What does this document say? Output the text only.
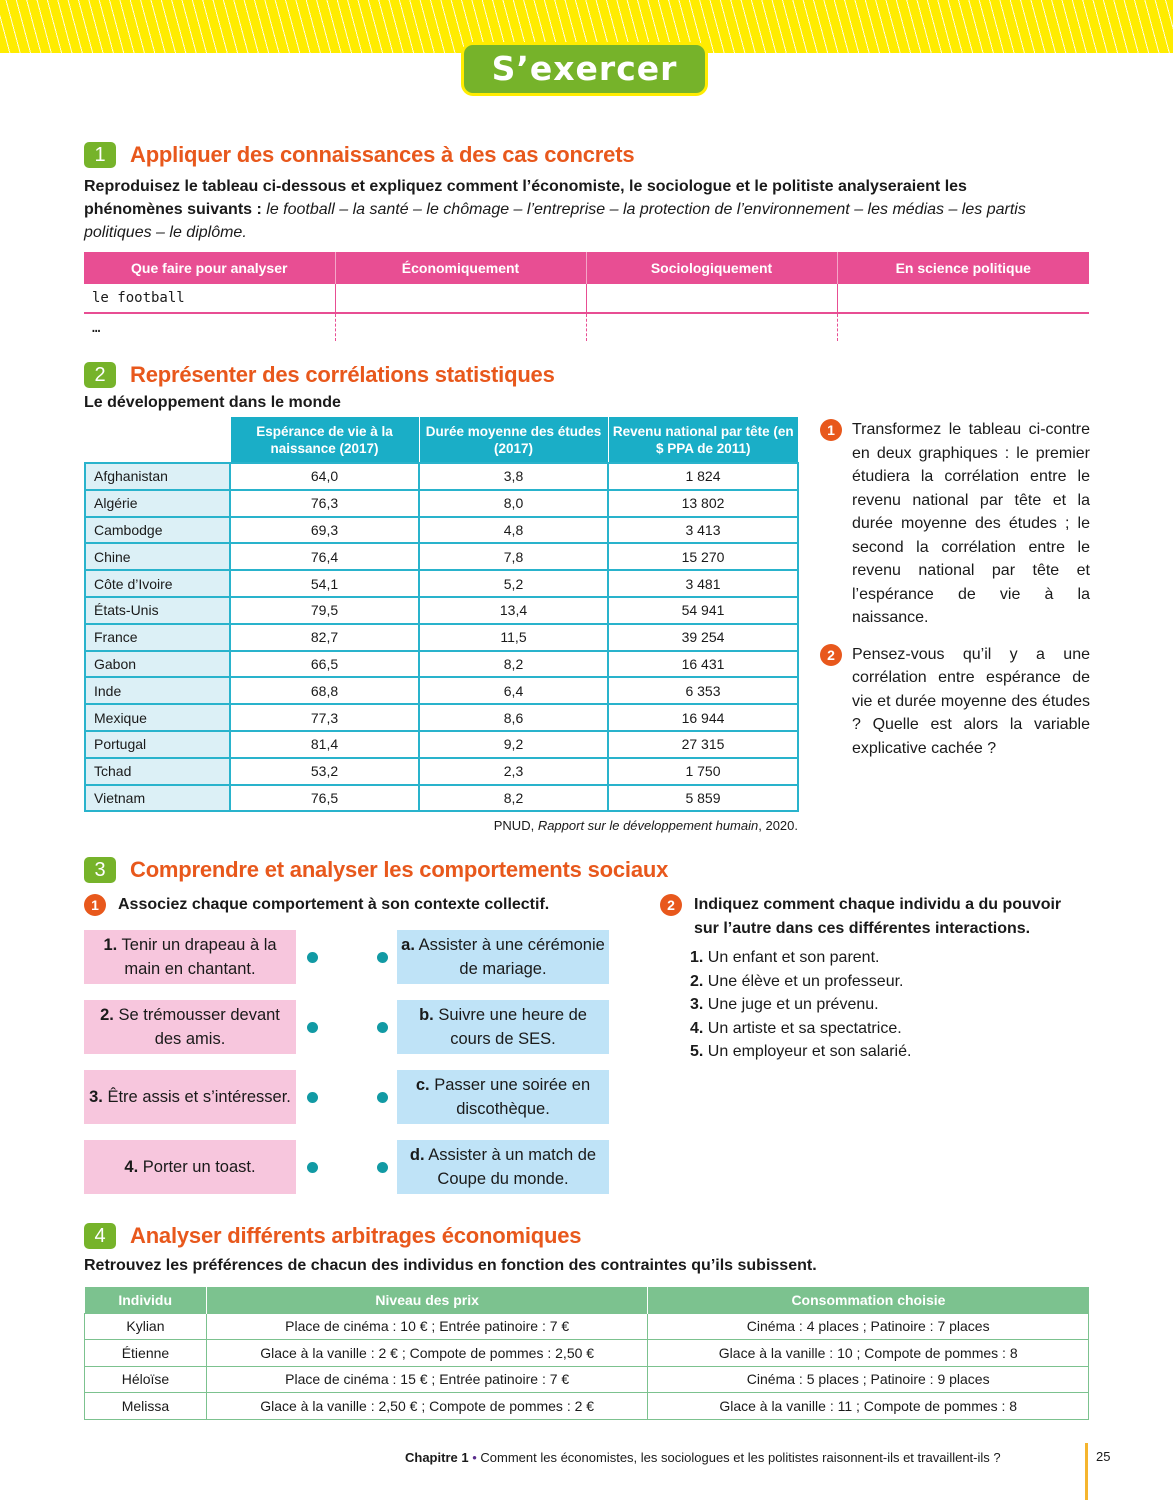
S’exercer
1	Appliquer des connaissances à des cas concrets
Reproduisez le tableau ci-dessous et expliquez comment l’économiste, le sociologue et le politiste analyseraient les phénomènes suivants : le football – la santé – le chômage – l’entreprise – la protection de l’environnement – les médias – les partis politiques – le diplôme.
Que faire pour analyser	Économiquement	Sociologiquement	En science politique
le football			
…			
2	Représenter des corrélations statistiques
Le développement dans le monde
	Espérance de vie à la naissance (2017)	Durée moyenne des études (2017)	Revenu national par tête (en $ PPA de 2011)
Afghanistan	64,0	3,8	1 824
Algérie	76,3	8,0	13 802
Cambodge	69,3	4,8	3 413
Chine	76,4	7,8	15 270
Côte d’Ivoire	54,1	5,2	3 481
États-Unis	79,5	13,4	54 941
France	82,7	11,5	39 254
Gabon	66,5	8,2	16 431
Inde	68,8	6,4	6 353
Mexique	77,3	8,6	16 944
Portugal	81,4	9,2	27 315
Tchad	53,2	2,3	1 750
Vietnam	76,5	8,2	5 859
PNUD, Rapport sur le développement humain, 2020.
1	Transformez le tableau ci-contre en deux graphiques : le premier étudiera la corrélation entre le revenu national par tête et la durée moyenne des études ; le second la corrélation entre le revenu national par tête et l’espérance de vie à la naissance.
2	Pensez-vous qu’il y a une corrélation entre espérance de vie et durée moyenne des études ? Quelle est alors la variable explicative cachée ?
3	Comprendre et analyser les comportements sociaux
1	Associez chaque comportement à son contexte collectif.
1. Tenir un drapeau à la main en chantant.
a. Assister à une cérémonie de mariage.
2. Se trémousser devant des amis.
b. Suivre une heure de cours de SES.
3. Être assis et s’intéresser.
c. Passer une soirée en discothèque.
4. Porter un toast.
d. Assister à un match de Coupe du monde.
2	Indiquez comment chaque individu a du pouvoir sur l’autre dans ces différentes interactions.
1. Un enfant et son parent.
2. Une élève et un professeur.
3. Une juge et un prévenu.
4. Un artiste et sa spectatrice.
5. Un employeur et son salarié.
4	Analyser différents arbitrages économiques
Retrouvez les préférences de chacun des individus en fonction des contraintes qu’ils subissent.
Individu	Niveau des prix	Consommation choisie
Kylian	Place de cinéma : 10 € ; Entrée patinoire : 7 €	Cinéma : 4 places ; Patinoire : 7 places
Étienne	Glace à la vanille : 2 € ; Compote de pommes : 2,50 €	Glace à la vanille : 10 ; Compote de pommes : 8
Héloïse	Place de cinéma : 15 € ; Entrée patinoire : 7 €	Cinéma : 5 places ; Patinoire : 9 places
Melissa	Glace à la vanille : 2,50 € ; Compote de pommes : 2 €	Glace à la vanille : 11 ; Compote de pommes : 8
Chapitre 1 • Comment les économistes, les sociologues et les politistes raisonnent-ils et travaillent-ils ?	25
